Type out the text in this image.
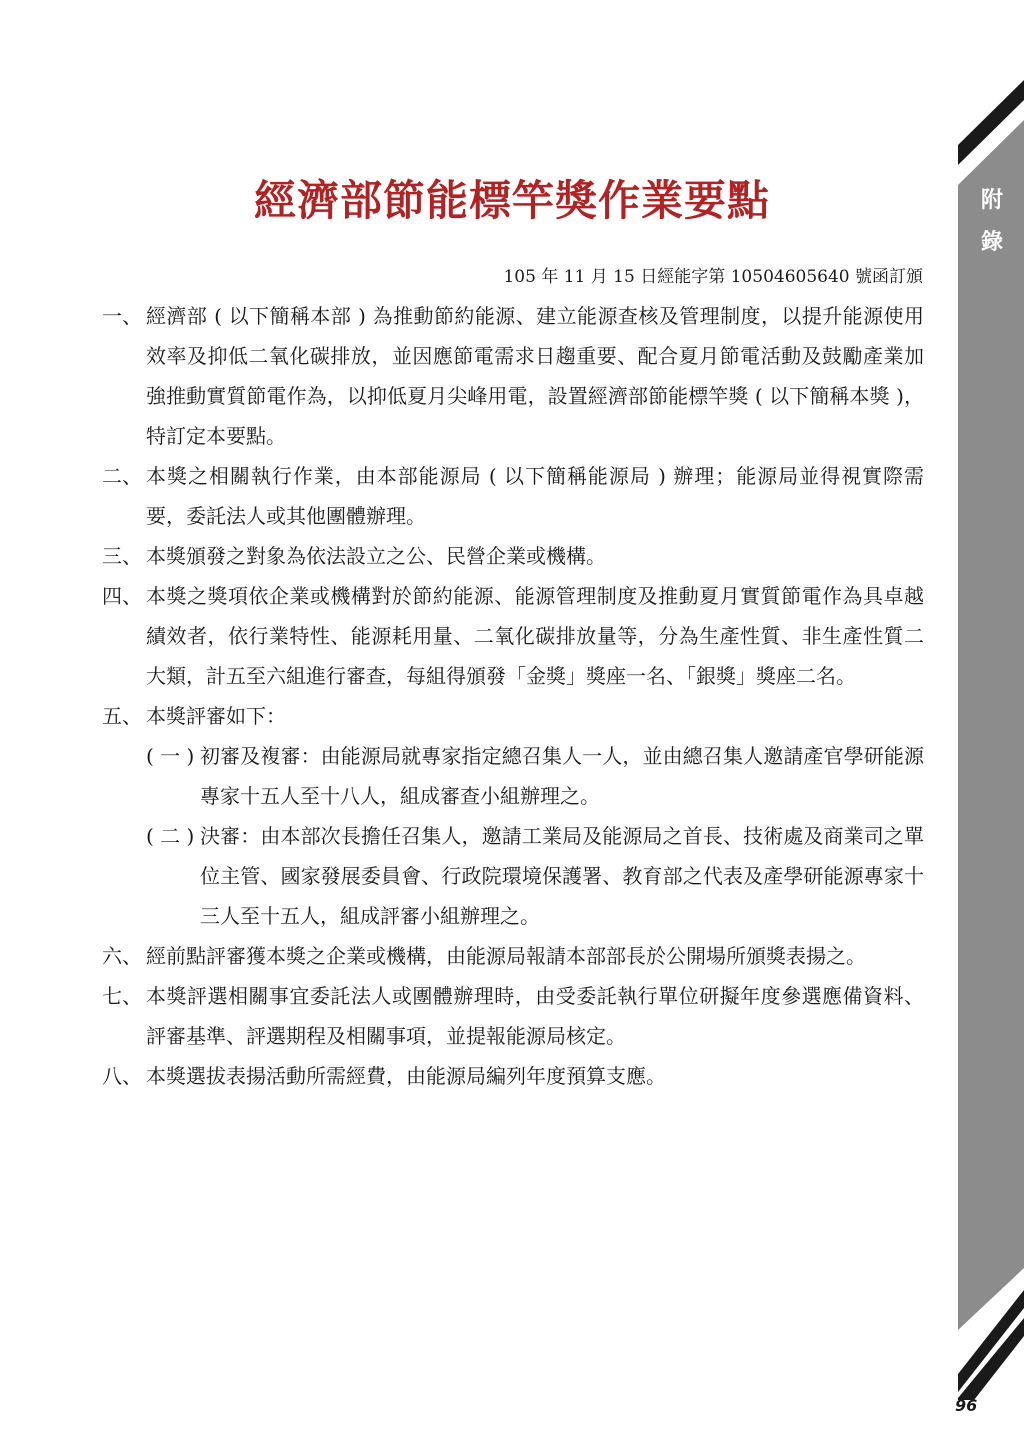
附
錄
經濟部節能標竿獎作業要點
105 年 11 月 15 日經能字第 10504605640 號函訂頒
一、 經濟部 ( 以下簡稱本部 ) 為推動節約能源、建立能源查核及管理制度，以提升能源使用效率及抑低二氧化碳排放，並因應節電需求日趨重要、配合夏月節電活動及鼓勵產業加強推動實質節電作為，以抑低夏月尖峰用電，設置經濟部節能標竿獎 ( 以下簡稱本獎 )，特訂定本要點。
二、 本獎之相關執行作業，由本部能源局 ( 以下簡稱能源局 ) 辦理；能源局並得視實際需要，委託法人或其他團體辦理。
三、 本獎頒發之對象為依法設立之公、民營企業或機構。
四、 本獎之獎項依企業或機構對於節約能源、能源管理制度及推動夏月實質節電作為具卓越績效者，依行業特性、能源耗用量、二氧化碳排放量等，分為生產性質、非生產性質二大類，計五至六組進行審查，每組得頒發「金獎」獎座一名、「銀獎」獎座二名。
五、 本獎評審如下：
( 一 ) 初審及複審：由能源局就專家指定總召集人一人，並由總召集人邀請產官學研能源專家十五人至十八人，組成審查小組辦理之。
( 二 ) 決審：由本部次長擔任召集人，邀請工業局及能源局之首長、技術處及商業司之單位主管、國家發展委員會、行政院環境保護署、教育部之代表及產學研能源專家十三人至十五人，組成評審小組辦理之。
六、 經前點評審獲本獎之企業或機構，由能源局報請本部部長於公開場所頒獎表揚之。
七、 本獎評選相關事宜委託法人或團體辦理時，由受委託執行單位研擬年度參選應備資料、評審基準、評選期程及相關事項，並提報能源局核定。
八、 本獎選拔表揚活動所需經費，由能源局編列年度預算支應。
96
